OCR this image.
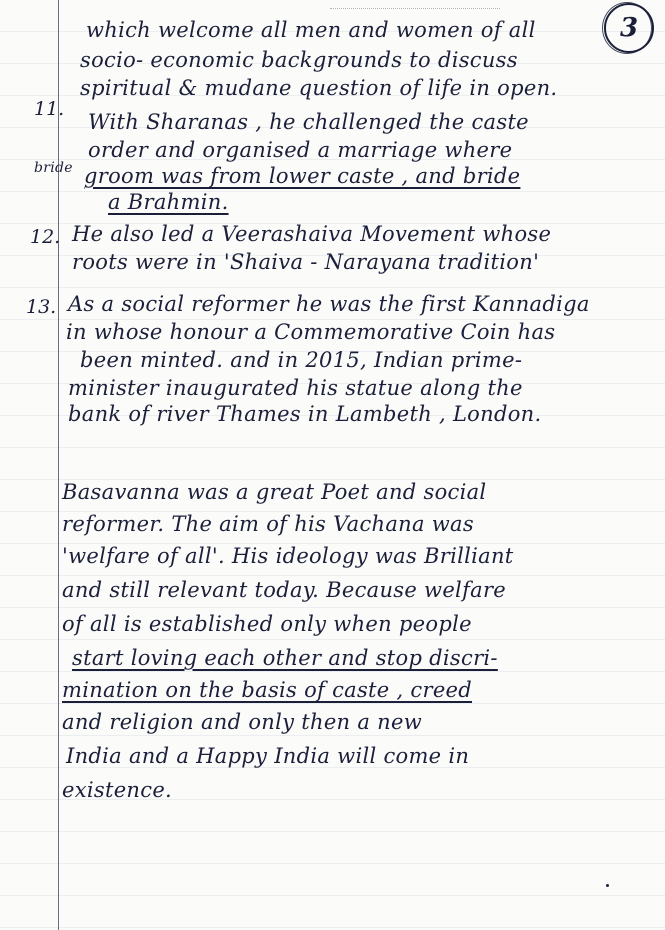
3
which welcome all men and women of all
socio- economic backgrounds to discuss
spiritual & mudane question of life in open.
11.
With Sharanas , he challenged the caste
order and organised a marriage where
bride groom was from lower caste , and bride
a Brahmin.
12. He also led a Veerashaiva Movement whose
roots were in 'Shaiva - Narayana tradition'
13. As a social reformer he was the first Kannadiga
in whose honour a Commemorative Coin has
been minted. and in 2015, Indian prime-
minister inaugurated his statue along the
bank of river Thames in Lambeth , London.
Basavanna was a great Poet and social
reformer. The aim of his Vachana was
'welfare of all'. His ideology was Brilliant
and still relevant today. Because welfare
of all is established only when people
start loving each other and stop discri-
mination on the basis of caste , creed
and religion and only then a new
India and a Happy India will come in
existence.
